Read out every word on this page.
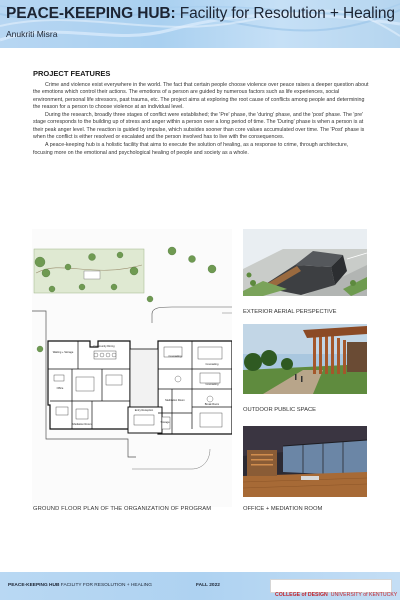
PEACE-KEEPING HUB: Facility for Resolution + Healing
Anukriti Misra
PROJECT FEATURES

Crime and violence exist everywhere in the world. The fact that certain people choose violence over peace raises a deeper question about the emotions which control their actions. The emotions of a person are guided by numerous factors such as life experiences, social environment, personal life stressors, past trauma, etc. The project aims at exploring the root cause of conflicts among people and determining the reason for a person to choose violence at an individual level.

During the research, broadly three stages of conflict were established; the 'Pre' phase, the 'during' phase, and the 'post' phase. The 'pre' stage corresponds to the building up of stress and anger within a person over a long period of time. The 'During' phase is when a person is at their peak anger level. The reaction is guided by impulse, which subsides sooner than core values accumulated over time. The 'Post' phase is when the conflict is either resolved or escalated and the person involved has to live with the consequences.

A peace-keeping hub is a holistic facility that aims to execute the solution of healing, as a response to crime, through architecture, focusing more on the emotional and psychological healing of people and society as a whole.

Waiting + Storage
Community Dining
Office
Counseling
Counseling
Counseling
Mediation Room
Entry Reception
Storage
Break Room
Meditation Room
GROUND FLOOR PLAN OF THE ORGANIZATION OF PROGRAM
EXTERIOR AERIAL PERSPECTIVE
OUTDOOR PUBLIC SPACE
OFFICE + MEDIATION ROOM
PEACE-KEEPING HUB FACILITY FOR RESOLUTION + HEALING	FALL 2022
COLLEGE of DESIGN UNIVERSITY of KENTUCKY
